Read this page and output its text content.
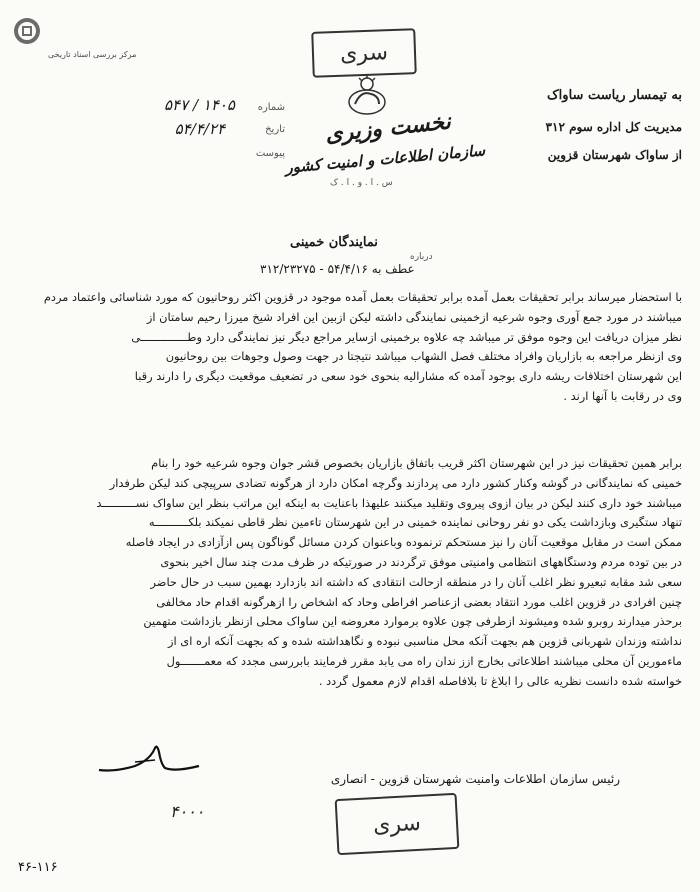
مرکز بررسی اسناد تاریخی	سری
نخست وزیری
سازمان اطلاعات و امنیت کشور
س . ا . و . ا . ک
شماره
۵۴۷ / ۱۴۰۵
تاریخ
۵۴/۴/۲۴
پیوست
به تیمسار ریاست ساواک
مدیریت کل اداره سوم ۳۱۲
از ساواک شهرستان قزوین
نمایندگان خمینی
درباره
عطف به ۵۴/۴/۱۶ - ۳۱۲/۲۳۲۷۵
با استحضار میرساند برابر تحقیقات بعمل آمده برابر تحقیقات بعمل آمده موجود در قزوین اکثر روحانیون که مورد شناسائی واعتماد مردم
میباشند در مورد جمع آوری وجوه شرعیه ازخمینی نمایندگی داشته لیکن ازبین این افراد شیخ میرزا رحیم سامتان از
نظر میزان دریافت این وجوه موفق تر میباشد چه علاوه برخمینی ازسایر مراجع دیگر نیز نمایندگی دارد وطــــــــــــــی
وی ازنظر مراجعه به بازاریان وافراد مختلف فصل الشهاب میباشد نتیجتا در جهت وصول وجوهات بین روحانیون
این شهرستان اختلافات ریشه داری بوجود آمده که مشارالیه بنحوی خود سعی در تضعیف موقعیت دیگری را دارند رقبا
وی در رقابت با آنها ارند .
برابر همین تحقیقات نیز در این شهرستان اکثر قریب باتفاق بازاریان بخصوص قشر جوان وجوه شرعیه خود را بنام
خمینی که نمایندگانی در گوشه وکنار کشور دارد می پردازند وگرچه امکان دارد از هرگونه تضادی سرپیچی کند لیکن طرفدار
میباشند خود داری کنند لیکن در بیان ازوی پیروی وتقلید میکنند علیهذا باعنایت به اینکه این مراتب بنظر این ساواک نســــــــــد
تنهاد ستگیری وبازداشت یکی دو نفر روحانی نماینده خمینی در این شهرستان تاءمین نظر قاطی نمیکند بلکــــــــــه
ممکن است در مقابل موقعیت آنان را نیز مستحکم ترنموده وباعنوان کردن مسائل گوناگون پس ازآزادی در ایجاد فاصله
در بین توده مردم ودستگاههای انتظامی وامنیتی موفق ترگردند در صورتیکه در ظرف مدت چند سال اخیر بنحوی
سعی شد مقابه تبعیرو نظر اغلب آنان را در منطقه ازحالت انتقادی که داشته اند بازدارد بهمین سبب در حال حاضر
چنین افرادی در قزوین اغلب مورد انتقاد بعضی ازعناصر افراطی وحاد که اشخاص را ازهرگونه اقدام حاد مخالفی
برحذر میدارند روبرو شده ومیشوند ازطرفی چون علاوه برموارد معروضه این ساواک محلی ازنظر بازداشت متهمین
نداشته وزندان شهربانی قزوین هم بجهت آنکه محل مناسبی نبوده و نگاهداشته شده و که بجهت آنکه اره ای از
ماءمورین آن محلی میباشند اطلاعاتی بخارج ازز ندان راه می یابد مقرر فرمایند بابررسی مجدد که معمـــــــول
خواسته شده دانست نظریه عالی را ابلاغ تا بلافاصله اقدام لازم معمول گردد .
رئیس سازمان اطلاعات وامنیت شهرستان قزوین - انصاری
۴۰۰۰	سری
۴۶-۱۱۶
